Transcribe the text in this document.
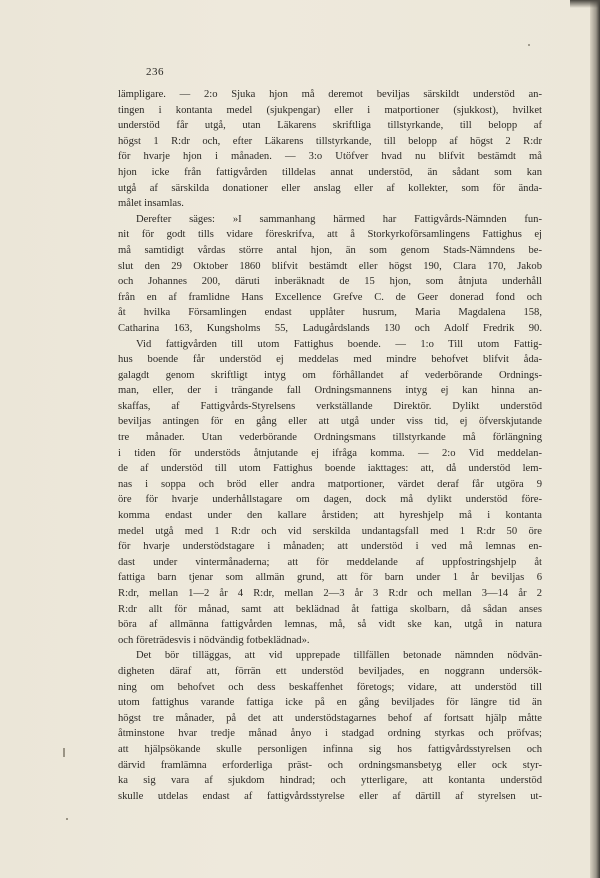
236

lämpligare. — 2:o Sjuka hjon må deremot beviljas särskildt understöd an-
tingen i kontanta medel (sjukpengar) eller i matportioner (sjukkost), hvilket
understöd får utgå, utan Läkarens skriftliga tillstyrkande, till belopp af
högst 1 R:dr och, efter Läkarens tillstyrkande, till belopp af högst 2 R:dr
för hvarje hjon i månaden. — 3:o Utöfver hvad nu blifvit bestämdt må
hjon icke från fattigvården tilldelas annat understöd, än sådant som kan
utgå af särskilda donationer eller anslag eller af kollekter, som för ända-
målet insamlas.

Derefter säges: »I sammanhang härmed har Fattigvårds-Nämnden fun-
nit för godt tills vidare föreskrifva, att å Storkyrkoförsamlingens Fattighus ej
må samtidigt vårdas större antal hjon, än som genom Stads-Nämndens be-
slut den 29 Oktober 1860 blifvit bestämdt eller högst 190, Clara 170, Jakob
och Johannes 200, däruti inberäknadt de 15 hjon, som åtnjuta underhåll
från en af framlidne Hans Excellence Grefve C. de Geer donerad fond och
åt hvilka Församlingen endast upplåter husrum, Maria Magdalena 158,
Catharina 163, Kungsholms 55, Ladugårdslands 130 och Adolf Fredrik 90.

Vid fattigvården till utom Fattighus boende. — 1:o Till utom Fattig-
hus boende får understöd ej meddelas med mindre behofvet blifvit åda-
galagdt genom skriftligt intyg om förhållandet af vederbörande Ordnings-
man, eller, der i trängande fall Ordningsmannens intyg ej kan hinna an-
skaffas, af Fattigvårds-Styrelsens verkställande Direktör. Dylikt understöd
beviljas antingen för en gång eller att utgå under viss tid, ej öfverskjutande
tre månader. Utan vederbörande Ordningsmans tillstyrkande må förlängning
i tiden för understöds åtnjutande ej ifråga komma. — 2:o Vid meddelan-
de af understöd till utom Fattighus boende iakttages: att, då understöd lem-
nas i soppa och bröd eller andra matportioner, värdet deraf får utgöra 9
öre för hvarje underhållstagare om dagen, dock må dylikt understöd före-
komma endast under den kallare årstiden; att hyreshjelp må i kontanta
medel utgå med 1 R:dr och vid serskilda undantagsfall med 1 R:dr 50 öre
för hvarje understödstagare i månaden; att understöd i ved må lemnas en-
dast under vintermånaderna; att för meddelande af uppfostringshjelp åt
fattiga barn tjenar som allmän grund, att för barn under 1 år beviljas 6
R:dr, mellan 1—2 år 4 R:dr, mellan 2—3 år 3 R:dr och mellan 3—14 år 2
R:dr allt för månad, samt att beklädnad åt fattiga skolbarn, då sådan anses
böra af allmänna fattigvården lemnas, må, så vidt ske kan, utgå in natura
och företrädesvis i nödvändig fotbeklädnad».

Det bör tilläggas, att vid upprepade tillfällen betonade nämnden nödvän-
digheten däraf att, förrän ett understöd beviljades, en noggrann undersök-
ning om behofvet och dess beskaffenhet företogs; vidare, att understöd till
utom fattighus varande fattiga icke på en gång beviljades för längre tid än
högst tre månader, på det att understödstagarnes behof af fortsatt hjälp måtte
åtminstone hvar tredje månad ånyo i stadgad ordning styrkas och pröfvas;
att hjälpsökande skulle personligen infinna sig hos fattigvårdsstyrelsen och
därvid framlämna erforderliga präst- och ordningsmansbetyg eller ock styr-
ka sig vara af sjukdom hindrad; och ytterligare, att kontanta understöd
skulle utdelas endast af fattigvårdsstyrelse eller af därtill af styrelsen ut-
